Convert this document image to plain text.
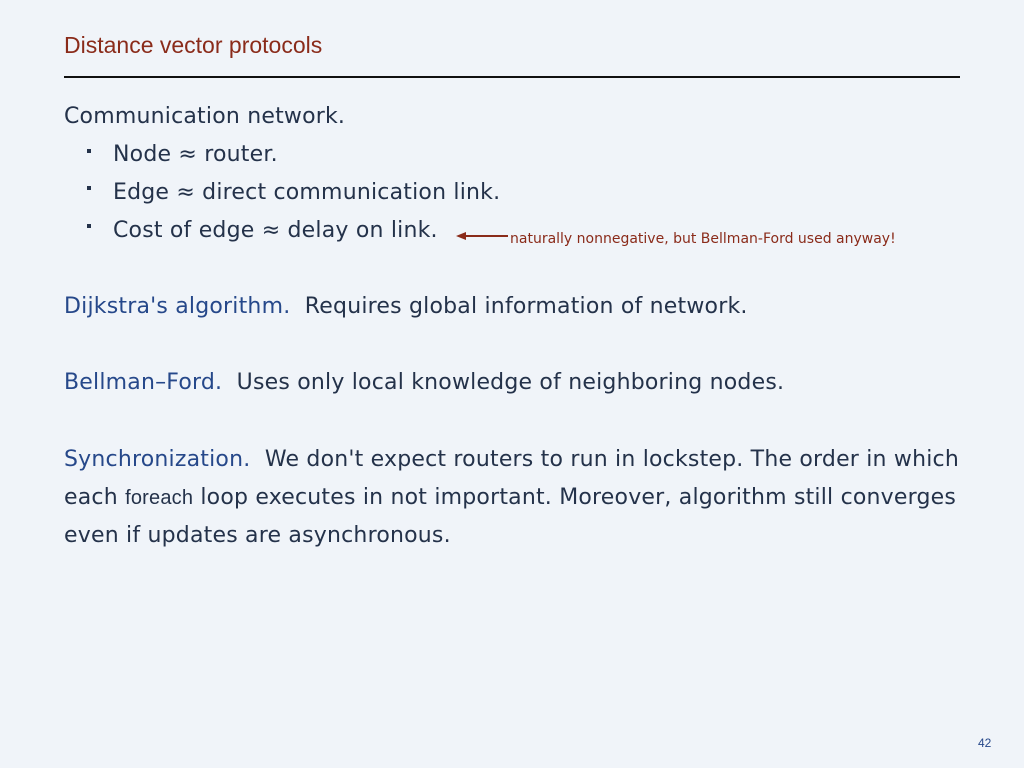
Distance vector protocols
Communication network.
Node ≈ router.
Edge ≈ direct communication link.
Cost of edge ≈ delay on link.	naturally nonnegative, but Bellman-Ford used anyway!
Dijkstra's algorithm. Requires global information of network.
Bellman–Ford. Uses only local knowledge of neighboring nodes.
Synchronization. We don't expect routers to run in lockstep. The order in which each foreach loop executes in not important. Moreover, algorithm still converges even if updates are asynchronous.
42
